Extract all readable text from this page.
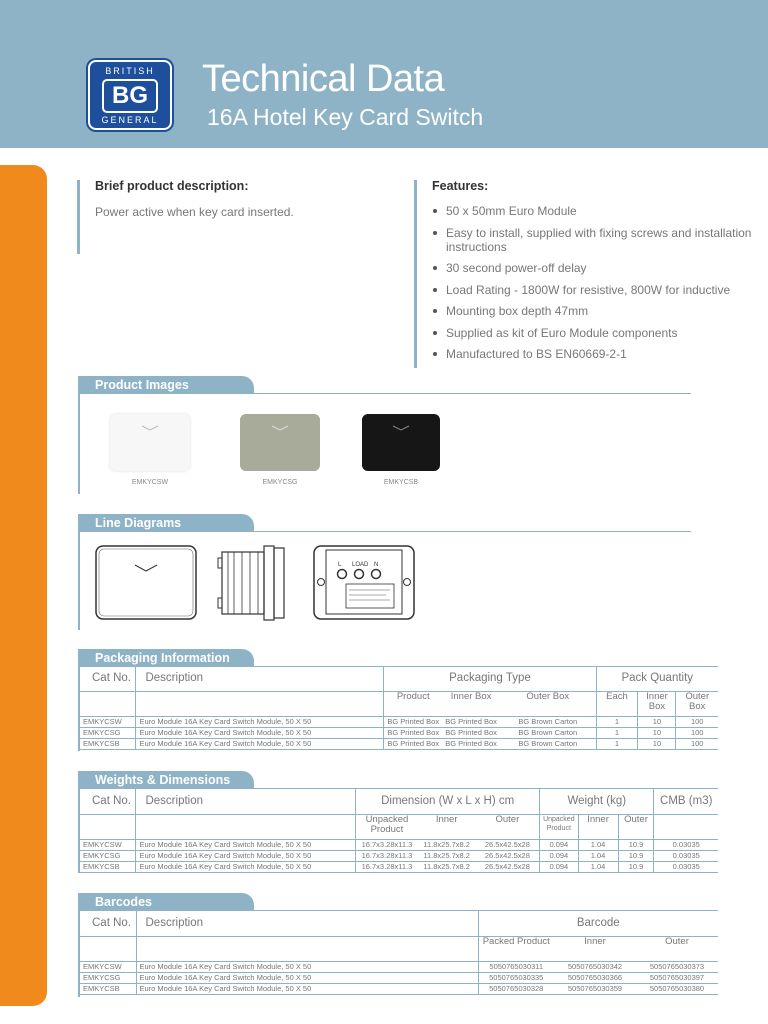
BRITISH
BG
GENERAL
Technical Data
16A Hotel Key Card Switch
Brief product description:
Power active when key card inserted.
Features:
50 x 50mm Euro Module
Easy to install, supplied with fixing screws and installation instructions
30 second power-off delay
Load Rating - 1800W for resistive, 800W for inductive
Mounting box depth 47mm
Supplied as kit of Euro Module components
Manufactured to BS EN60669-2-1
Product Images
EMKYCSW	EMKYCSG	EMKYCSB
Line Diagrams
L LOAD N
Packaging Information
Cat No.	Description	Packaging Type			Pack Quantity		
		Product	Inner Box	Outer Box	Each	Inner Box	Outer Box
EMKYCSW	Euro Module 16A Key Card Switch Module, 50 X 50	BG Printed Box	BG Printed Box	BG Brown Carton	1	10	100
EMKYCSG	Euro Module 16A Key Card Switch Module, 50 X 50	BG Printed Box	BG Printed Box	BG Brown Carton	1	10	100
EMKYCSB	Euro Module 16A Key Card Switch Module, 50 X 50	BG Printed Box	BG Printed Box	BG Brown Carton	1	10	100
Weights & Dimensions
Cat No.	Description	Dimension (W x L x H) cm			Weight (kg)			CMB (m3)
		Unpacked Product	Inner	Outer	Unpacked Product	Inner	Outer	
EMKYCSW	Euro Module 16A Key Card Switch Module, 50 X 50	16.7x3.28x11.3	11.8x25.7x8.2	26.5x42.5x28	0.094	1.04	10.9	0.03035
EMKYCSG	Euro Module 16A Key Card Switch Module, 50 X 50	16.7x3.28x11.3	11.8x25.7x8.2	26.5x42.5x28	0.094	1.04	10.9	0.03035
EMKYCSB	Euro Module 16A Key Card Switch Module, 50 X 50	16.7x3.28x11.3	11.8x25.7x8.2	26.5x42.5x28	0.094	1.04	10.9	0.03035
Barcodes
Cat No.	Description	Barcode		
		Packed Product	Inner	Outer
EMKYCSW	Euro Module 16A Key Card Switch Module, 50 X 50	5050765030311	5050765030342	5050765030373
EMKYCSG	Euro Module 16A Key Card Switch Module, 50 X 50	5050765030335	5050765030366	5050765030397
EMKYCSB	Euro Module 16A Key Card Switch Module, 50 X 50	5050765030328	5050765030359	5050765030380
